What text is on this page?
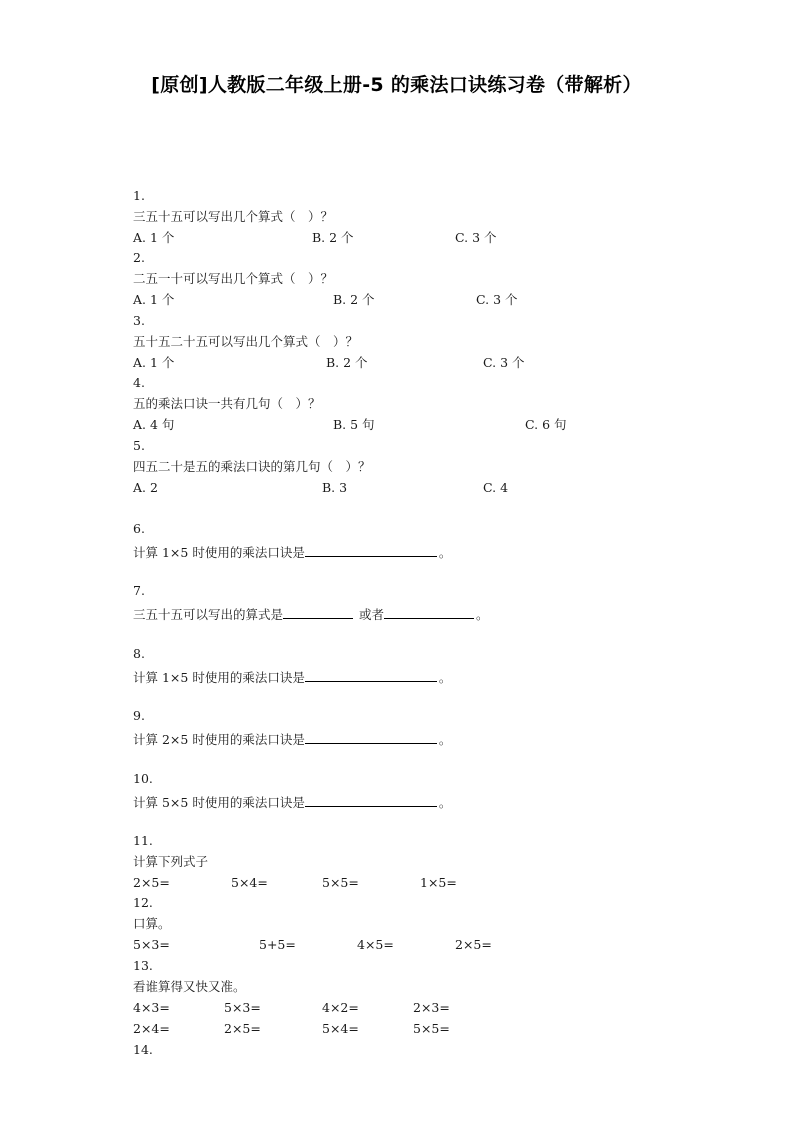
[原创]人教版二年级上册-5 的乘法口诀练习卷（带解析）
1.
三五十五可以写出几个算式（　）？
A. 1 个	B. 2 个	C. 3 个
2.
二五一十可以写出几个算式（　）？
A. 1 个	B. 2 个	C. 3 个
3.
五十五二十五可以写出几个算式（　）？
A. 1 个	B. 2 个	C. 3 个
4.
五的乘法口诀一共有几句（　）？
A. 4 句	B. 5 句	C. 6 句
5.
四五二十是五的乘法口诀的第几句（　）？
A. 2	B. 3	C. 4
6.
计算 1×5 时使用的乘法口诀是	。
7.
三五十五可以写出的算式是	或者	。
8.
计算 1×5 时使用的乘法口诀是	。
9.
计算 2×5 时使用的乘法口诀是	。
10.
计算 5×5 时使用的乘法口诀是	。
11.
计算下列式子
2×5=	5×4=	5×5=	1×5=
12.
口算。
5×3=	5+5=	4×5=	2×5=
13.
看谁算得又快又准。
4×3=	5×3=	4×2=	2×3=
2×4=	2×5=	5×4=	5×5=
14.
